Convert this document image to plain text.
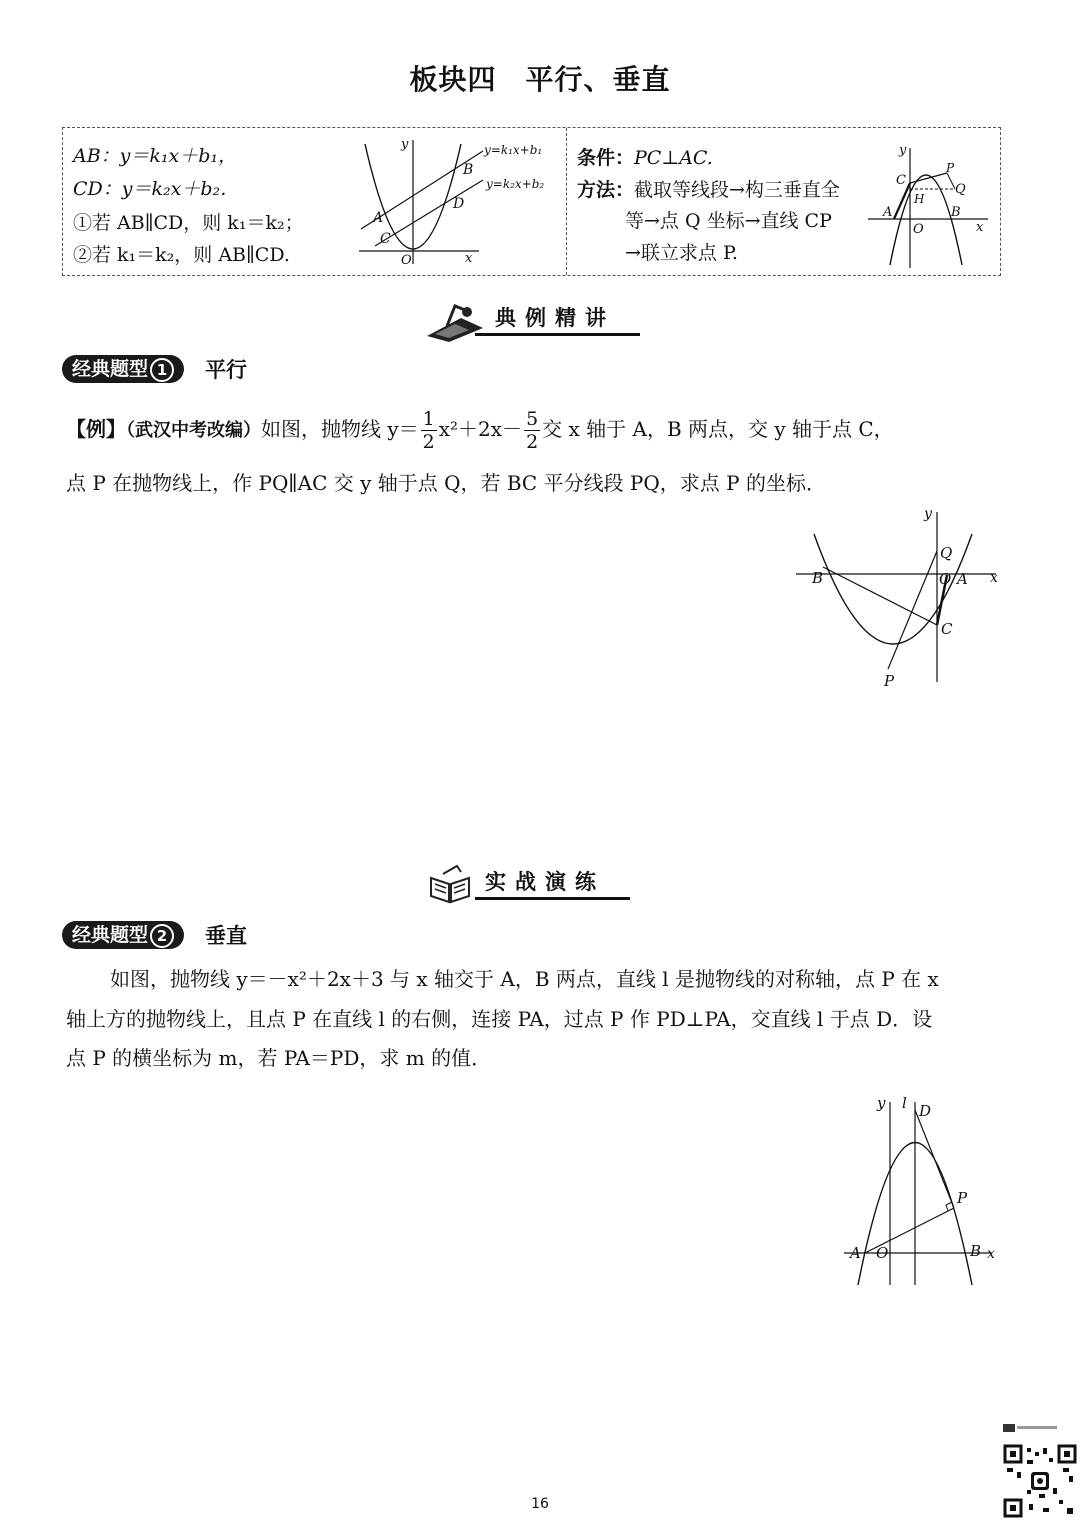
板块四　平行、垂直
AB：y＝k₁x＋b₁，
CD：y＝k₂x＋b₂．
①若 AB∥CD，则 k₁＝k₂；
②若 k₁＝k₂，则 AB∥CD.
A
B
C
D
O	x
y	y=k₁x+b₁
y=k₂x+b₂
条件：PC⊥AC.
方法：截取等线段→构三垂直全
等→点 Q 坐标→直线 CP
→联立求点 P.
C
P
Q
H
A	B
O	x
y
典例精讲
经典题型 1	平行
【例】（武汉中考改编）如图，抛物线 $y= \frac{1}{2} x^2+2x- \frac{5}{2}$ 交 x 轴于 A，B 两点，交 y 轴于点 C，
点 P 在抛物线上，作 PQ∥AC 交 y 轴于点 Q，若 BC 平分线段 PQ，求点 P 的坐标．
B
Q
O A
C
P
x
y
实战演练
经典题型 2	垂直
如图，抛物线 y＝－x²＋2x＋3 与 x 轴交于 A，B 两点，直线 l 是抛物线的对称轴，点 P 在 x
轴上方的抛物线上，且点 P 在直线 l 的右侧，连接 PA，过点 P 作 PD⊥PA，交直线 l 于点 D．设
点 P 的横坐标为 m，若 PA＝PD，求 m 的值．
y l D
P
A O	B x
16
